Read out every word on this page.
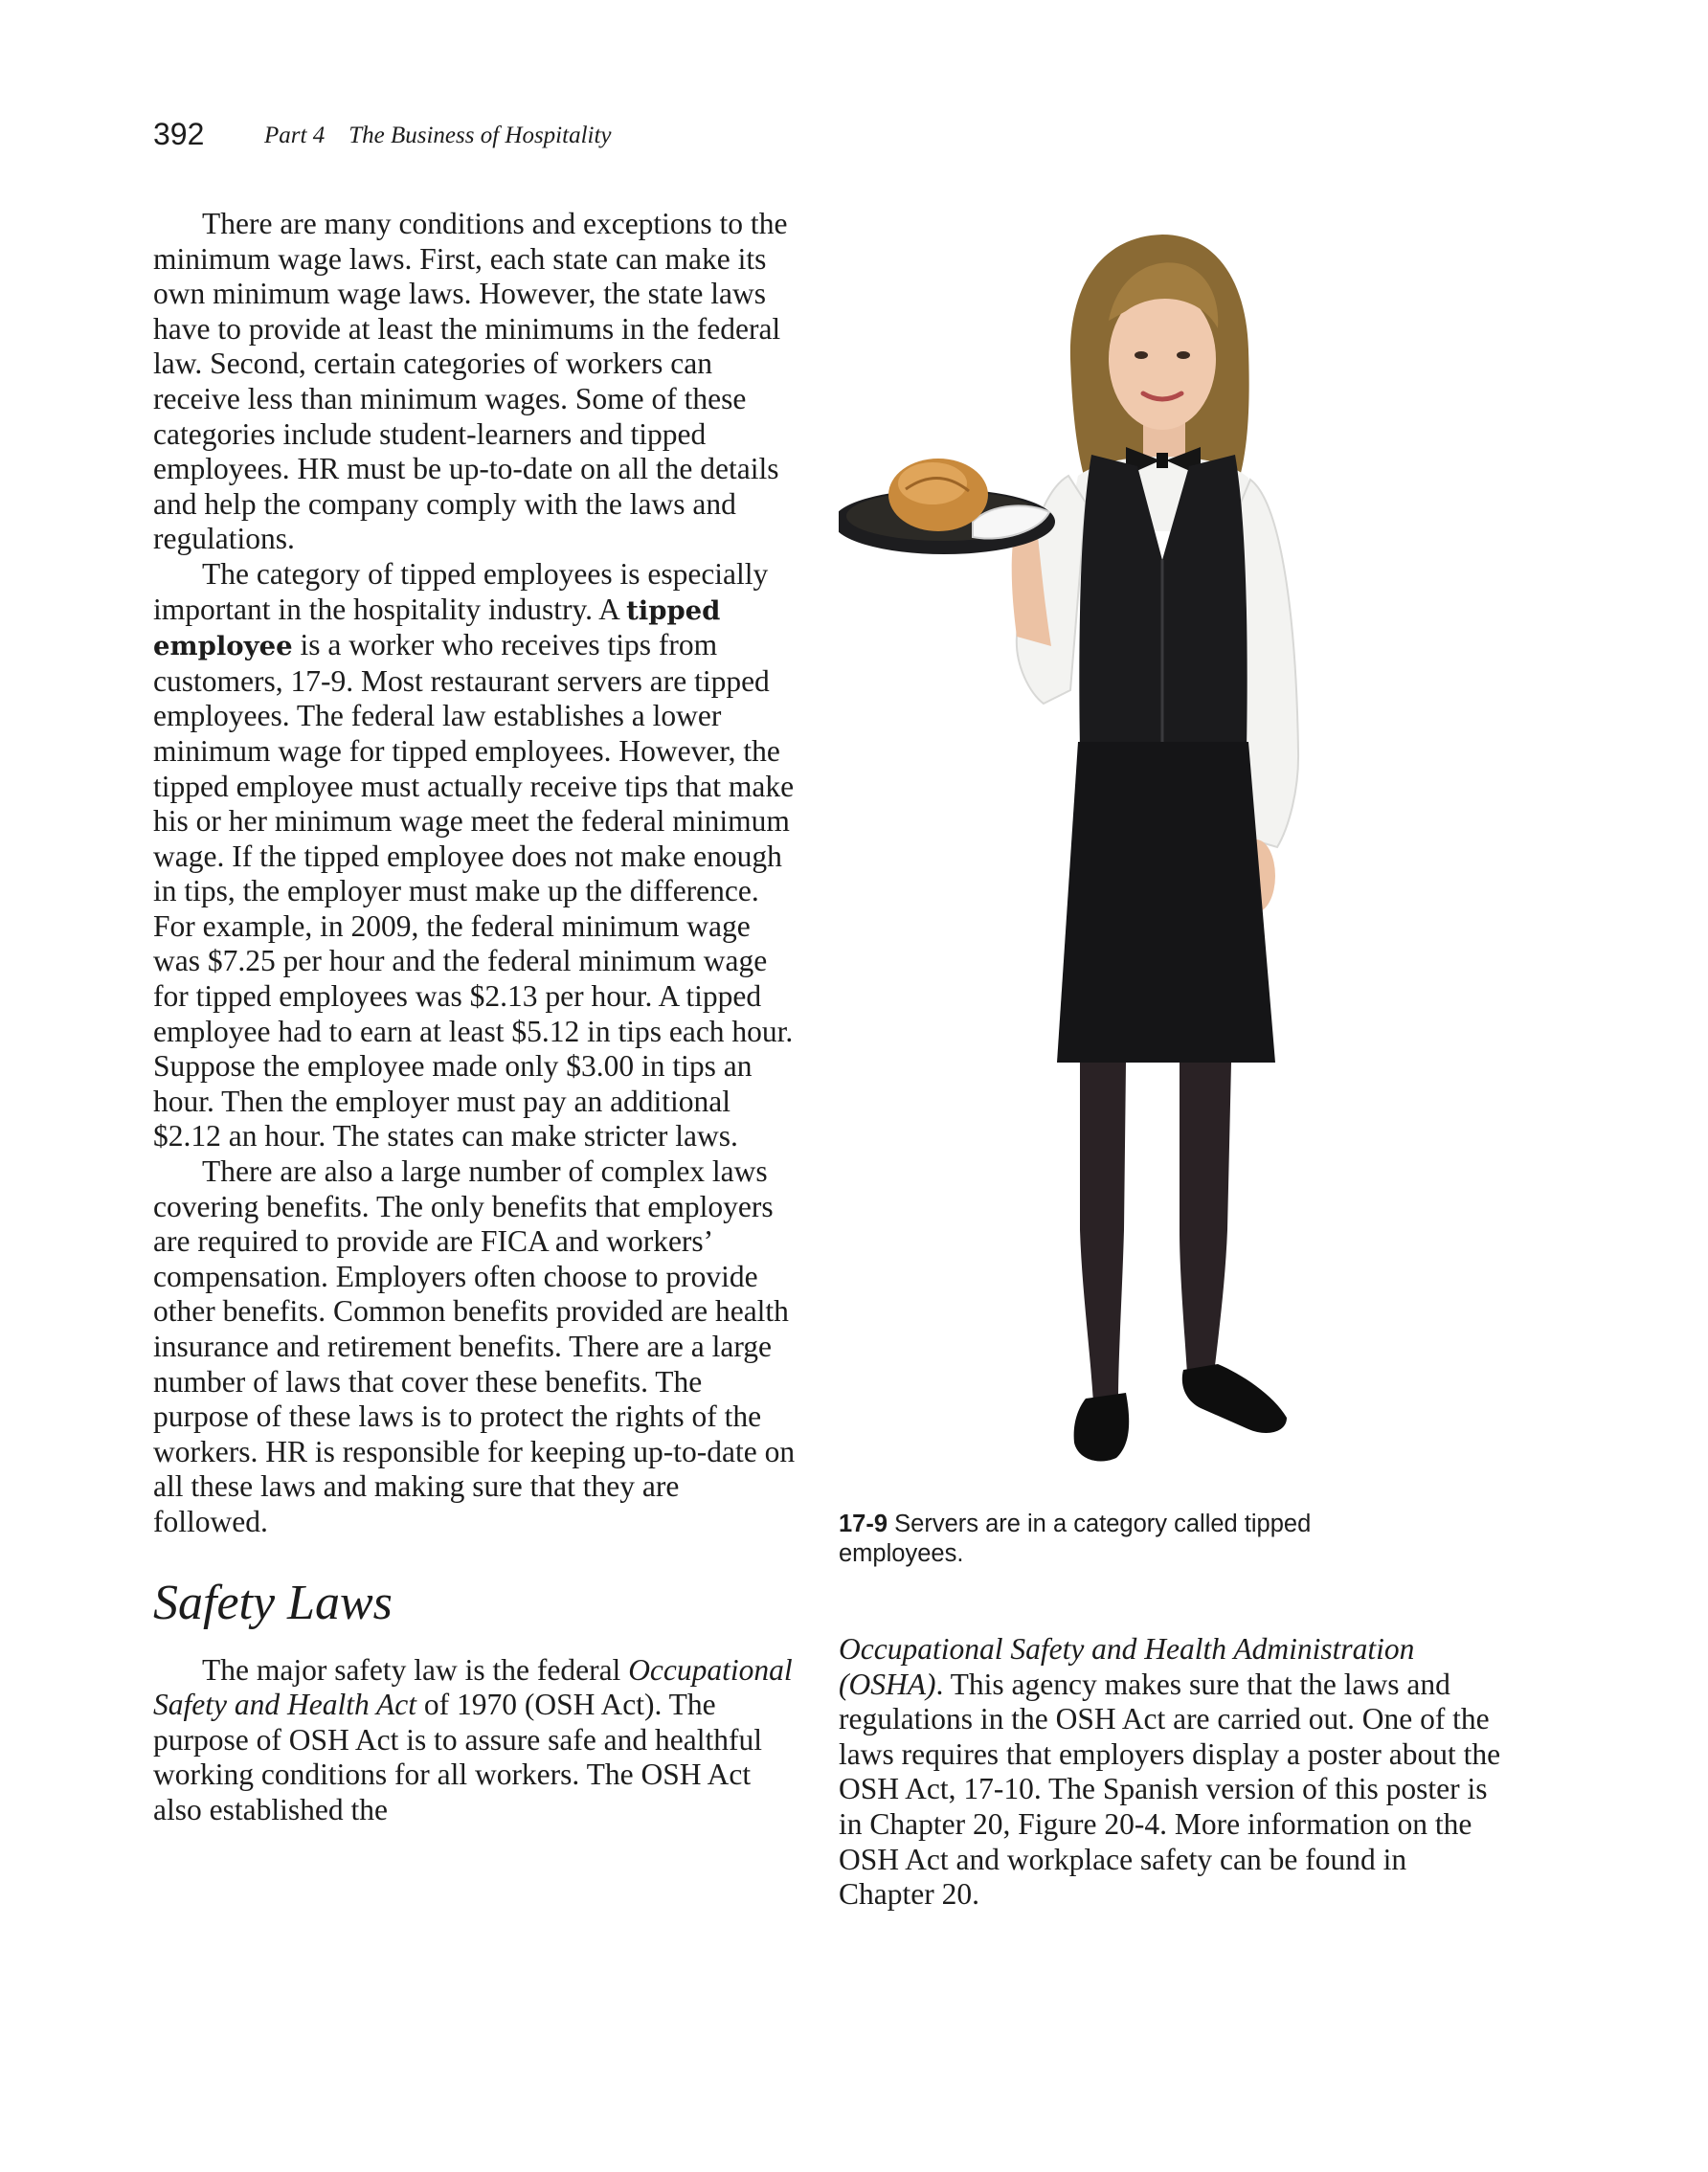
392	Part 4    The Business of Hospitality

There are many conditions and exceptions to the minimum wage laws. First, each state can make its own minimum wage laws. However, the state laws have to provide at least the minimums in the federal law. Second, certain categories of workers can receive less than minimum wages. Some of these categories include student-learners and tipped employees. HR must be up-to-date on all the details and help the company comply with the laws and regulations.

The category of tipped employees is especially important in the hospitality industry. A tipped employee is a worker who receives tips from customers, 17-9. Most restaurant servers are tipped employees. The federal law establishes a lower minimum wage for tipped employees. However, the tipped employee must actually receive tips that make his or her minimum wage meet the federal minimum wage. If the tipped employee does not make enough in tips, the employer must make up the difference. For example, in 2009, the federal minimum wage was $7.25 per hour and the federal minimum wage for tipped employees was $2.13 per hour. A tipped employee had to earn at least $5.12 in tips each hour. Suppose the employee made only $3.00 in tips an hour. Then the employer must pay an additional $2.12 an hour. The states can make stricter laws.

There are also a large number of complex laws covering benefits. The only benefits that employers are required to provide are FICA and workers’ compensation. Employers often choose to provide other benefits. Common benefits provided are health insurance and retirement benefits. There are a large number of laws that cover these benefits. The purpose of these laws is to protect the rights of the workers. HR is responsible for keeping up-to-date on all these laws and making sure that they are followed.

Safety Laws

The major safety law is the federal Occupational Safety and Health Act of 1970 (OSH Act). The purpose of OSH Act is to assure safe and healthful working conditions for all workers. The OSH Act also established the

17-9 Servers are in a category called tipped employees.

Occupational Safety and Health Administration (OSHA). This agency makes sure that the laws and regulations in the OSH Act are carried out. One of the laws requires that employers display a poster about the OSH Act, 17-10. The Spanish version of this poster is in Chapter 20, Figure 20-4. More information on the OSH Act and workplace safety can be found in Chapter 20.
